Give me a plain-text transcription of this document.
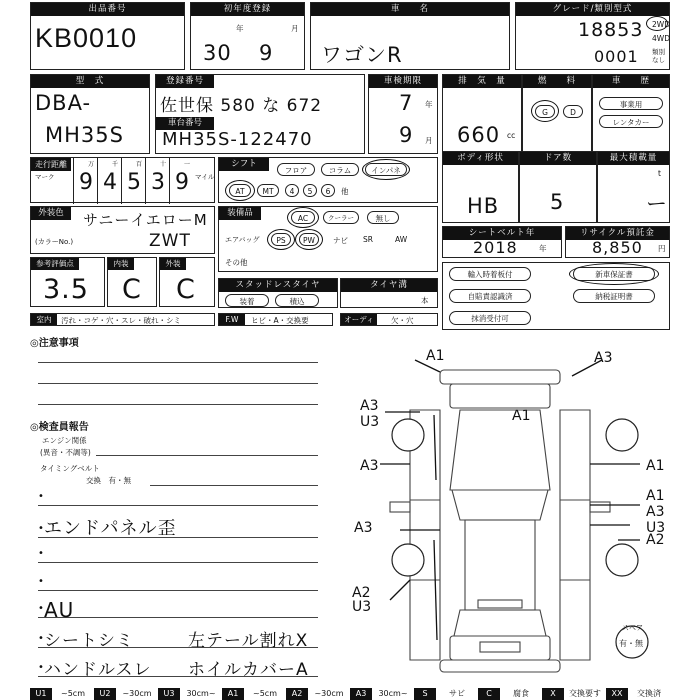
出品番号
KB0010
初年度登録
年	月
30 9
車　　名
ワゴンR
グレード/類別型式
18853
0001
2WD
4WD
類別なし
型　式
DBA-
MH35S
登録番号
佐世保 580 な 672
車台番号
MH35S-122470
車検期限
年
月
7
9
排　気　量
660 cc
燃　　料
G	D
車　　歴
事業用
レンタカー
走行距離
マーク	マイル
万
9
千
4
百
5
十
3
一
9
シフト
フロア	コラム	インパネ
AT	MT	4	5	6	他
ボディ形状
HB
ドア数
5
最大積載量
t
ー
外装色	サニーイエローM
(カラーNo.)	ZWT
装備品
AC	クーラー	無し
エアバッグ	PS	PW	ナビ SR	AW
その他
シートベルト年
2018	年
リサイクル預託金
8,850 円
参考評価点
3.5
内装
C
外装
C	スタッドレスタイヤ
装着	積込
タイヤ溝
本
輸入時着板付	新車保証書
自賠責認識済	納税証明書
抹消受付可
室内	汚れ・コゲ・穴・スレ・破れ・シミ	F.W	ヒビ・A・交換要	オーディオ
欠・穴
◎注意事項
◎検査員報告
エンジン関係
(異音・不調等)
タイミングベルト
交換　有・無
•
•
•
•
•
•
•
エンドパネル歪
AU
シートシミ
ハンドルスレ
左テール割れX
ホイルカバーA
A1	A3
A3
U3	A1
A3	A1
A1
A3
U3
A3
A2
A2
U3
スペア
有・無
U1	~5cm	U2	~30cm	U3	30cm~	A1	~5cm	A2	~30cm	A3	30cm~	S	サビ	C	腐食	X	交換要す	XX	交換済
